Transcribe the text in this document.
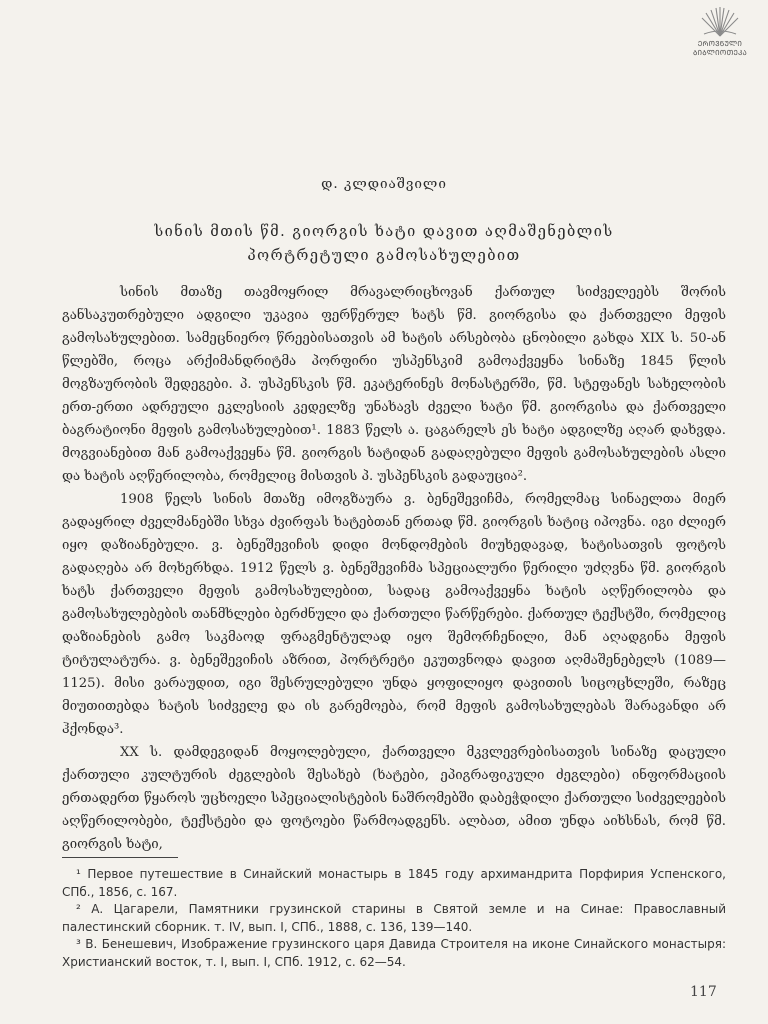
ᲔᲠᲝᲕᲜᲣᲚᲘ
ᲑᲘᲑᲚᲘᲝᲗᲔᲙᲐ
დ. კლდიაშვილი
სინის მთის წმ. გიორგის ხატი დავით აღმაშენებლის პორტრეტული გამოსახულებით

სინის მთაზე თავმოყრილ მრავალრიცხოვან ქართულ სიძველეებს შორის განსაკუთრებული ადგილი უკავია ფერწერულ ხატს წმ. გიორგისა და ქართველი მეფის გამოსახულებით. სამეცნიერო წრეებისათვის ამ ხატის არსებობა ცნობილი გახდა XIX ს. 50-ან წლებში, როცა არქიმანდრიტმა პორფირი უსპენსკიმ გამოაქვეყნა სინაზე 1845 წლის მოგზაურობის შედეგები. პ. უსპენსკის წმ. ეკატერინეს მონასტერში, წმ. სტეფანეს სახელობის ერთ-ერთი ადრეული ეკლესიის კედელზე უნახავს ძველი ხატი წმ. გიორგისა და ქართველი ბაგრატიონი მეფის გამოსახულებით¹. 1883 წელს ა. ცაგარელს ეს ხატი ადგილზე აღარ დახვდა. მოგვიანებით მან გამოაქვეყნა წმ. გიორგის ხატიდან გადაღებული მეფის გამოსახულების ასლი და ხატის აღწერილობა, რომელიც მისთვის პ. უსპენსკის გადაუცია².

1908 წელს სინის მთაზე იმოგზაურა ვ. ბენეშევიჩმა, რომელმაც სინაელთა მიერ გადაყრილ ძველმანებში სხვა ძვირფას ხატებთან ერთად წმ. გიორგის ხატიც იპოვნა. იგი ძლიერ იყო დაზიანებული. ვ. ბენეშევიჩის დიდი მონდომების მიუხედავად, ხატისათვის ფოტოს გადაღება არ მოხერხდა. 1912 წელს ვ. ბენეშევიჩმა სპეციალური წერილი უძღვნა წმ. გიორგის ხატს ქართველი მეფის გამოსახულებით, სადაც გამოაქვეყნა ხატის აღწერილობა და გამოსახულებების თანმხლები ბერძნული და ქართული წარწერები. ქართულ ტექსტში, რომელიც დაზიანების გამო საკმაოდ ფრაგმენტულად იყო შემორჩენილი, მან აღადგინა მეფის ტიტულატურა. ვ. ბენეშევიჩის აზრით, პორტრეტი ეკუთვნოდა დავით აღმაშენებელს (1089—1125). მისი ვარაუდით, იგი შესრულებული უნდა ყოფილიყო დავითის სიცოცხლეში, რაზეც მიუთითებდა ხატის სიძველე და ის გარემოება, რომ მეფის გამოსახულებას შარავანდი არ ჰქონდა³.

XX ს. დამდეგიდან მოყოლებული, ქართველი მკვლევრებისათვის სინაზე დაცული ქართული კულტურის ძეგლების შესახებ (ხატები, ეპიგრაფიკული ძეგლები) ინფორმაციის ერთადერთ წყაროს უცხოელი სპეციალისტების ნაშრომებში დაბეჭდილი ქართული სიძველეების აღწერილობები, ტექსტები და ფოტოები წარმოადგენს. ალბათ, ამით უნდა აიხსნას, რომ წმ. გიორგის ხატი,

¹ Первое путешествие в Синайский монастырь в 1845 году архимандрита Порфирия Успенского, СПб., 1856, с. 167.

² А. Цагарели, Памятники грузинской старины в Святой земле и на Синае: Православный палестинский сборник. т. IV, вып. I, СПб., 1888, с. 136, 139—140.

³ В. Бенешевич, Изображение грузинского царя Давида Строителя на иконе Синайского монастыря: Христианский восток, т. I, вып. I, СПб. 1912, с. 62—54.

117
